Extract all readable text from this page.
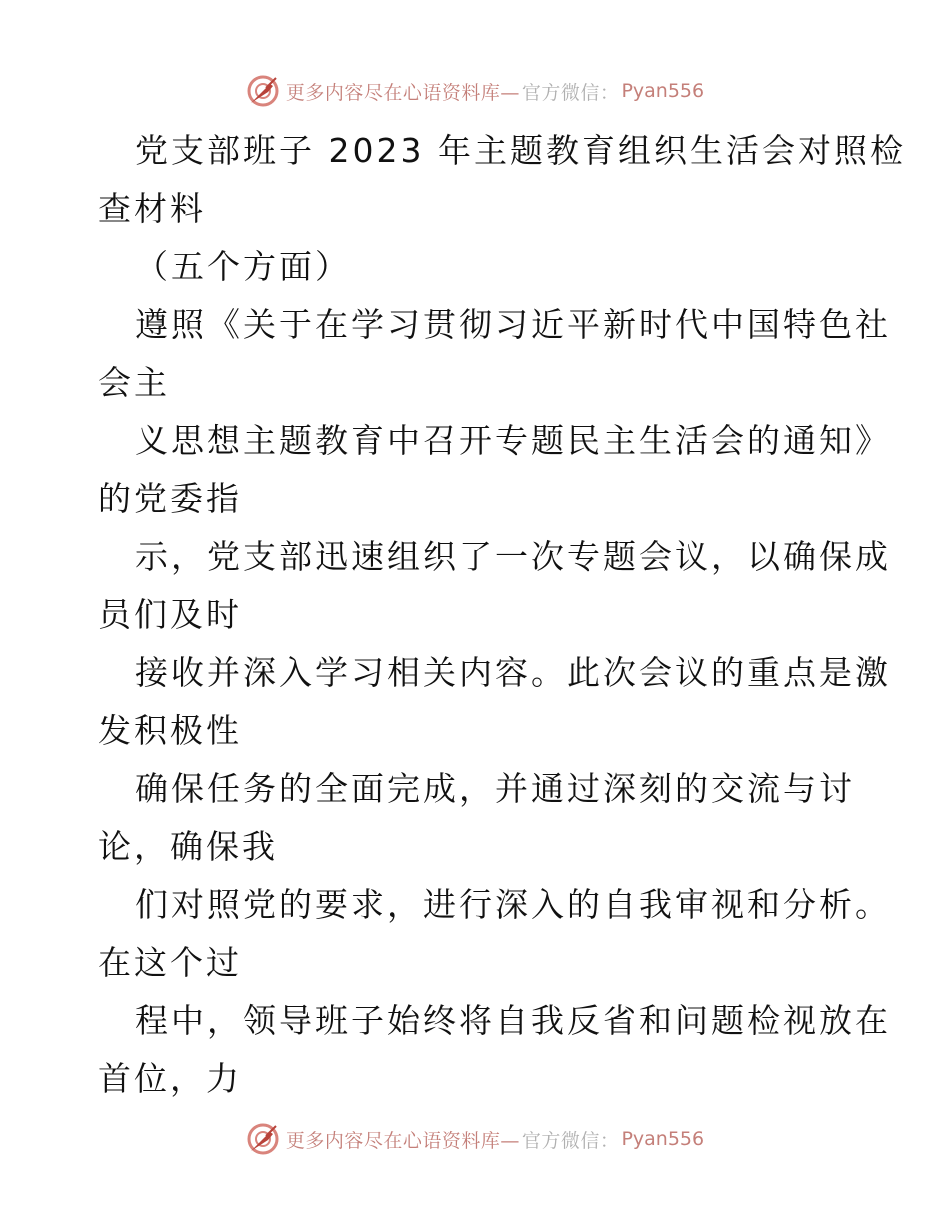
更多内容尽在心语资料库— 官方微信： Pyan556
党支部班子 2023 年主题教育组织生活会对照检
查材料
（五个方面）
遵照《关于在学习贯彻习近平新时代中国特色社
会主
义思想主题教育中召开专题民主生活会的通知》
的党委指
示，党支部迅速组织了一次专题会议，以确保成
员们及时
接收并深入学习相关内容。此次会议的重点是激
发积极性
确保任务的全面完成，并通过深刻的交流与讨
论，确保我
们对照党的要求，进行深入的自我审视和分析。
在这个过
程中，领导班子始终将自我反省和问题检视放在
首位，力
更多内容尽在心语资料库— 官方微信： Pyan556
